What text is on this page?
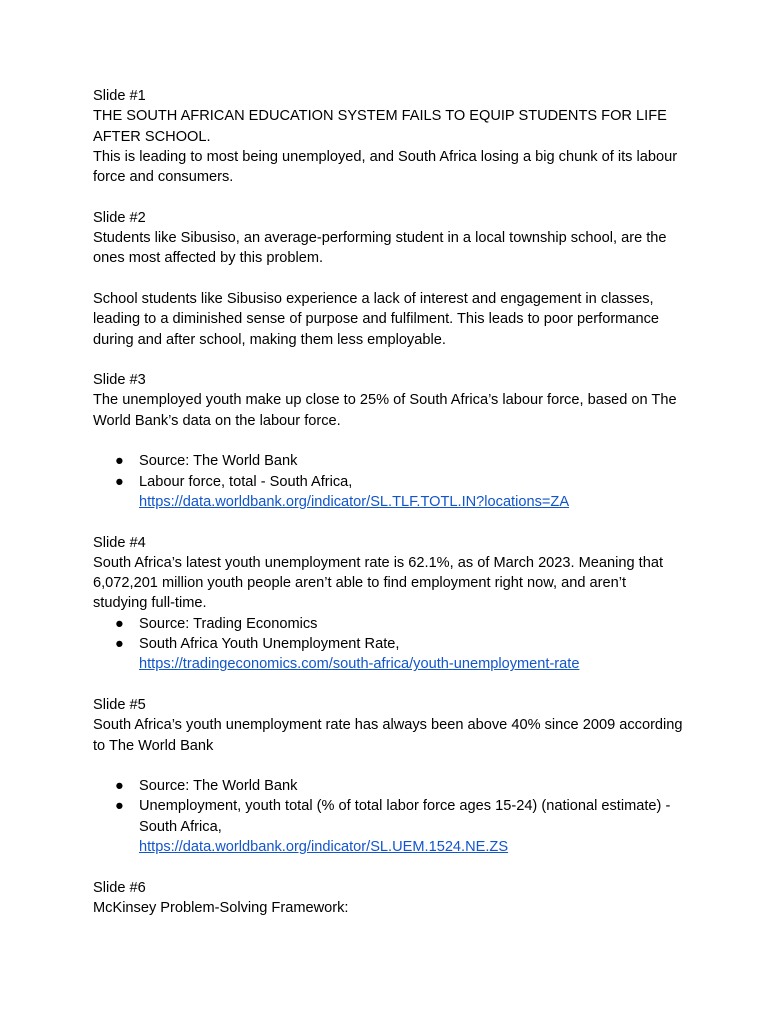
Slide #1

THE SOUTH AFRICAN EDUCATION SYSTEM FAILS TO EQUIP STUDENTS FOR LIFE AFTER SCHOOL.

This is leading to most being unemployed, and South Africa losing a big chunk of its labour force and consumers.

Slide #2

Students like Sibusiso, an average-performing student in a local township school, are the ones most affected by this problem.

School students like Sibusiso experience a lack of interest and engagement in classes, leading to a diminished sense of purpose and fulfilment. This leads to poor performance during and after school, making them less employable.

Slide #3

The unemployed youth make up close to 25% of South Africa’s labour force, based on The World Bank’s data on the labour force.

● Source: The World Bank
● Labour force, total - South Africa,
https://data.worldbank.org/indicator/SL.TLF.TOTL.IN?locations=ZA

Slide #4

South Africa’s latest youth unemployment rate is 62.1%, as of March 2023. Meaning that 6,072,201 million youth people aren’t able to find employment right now, and aren’t studying full-time.

● Source: Trading Economics
● South Africa Youth Unemployment Rate,
https://tradingeconomics.com/south-africa/youth-unemployment-rate

Slide #5

South Africa’s youth unemployment rate has always been above 40% since 2009 according to The World Bank

● Source: The World Bank
● Unemployment, youth total (% of total labor force ages 15-24) (national estimate) - South Africa,
https://data.worldbank.org/indicator/SL.UEM.1524.NE.ZS

Slide #6

McKinsey Problem-Solving Framework:
